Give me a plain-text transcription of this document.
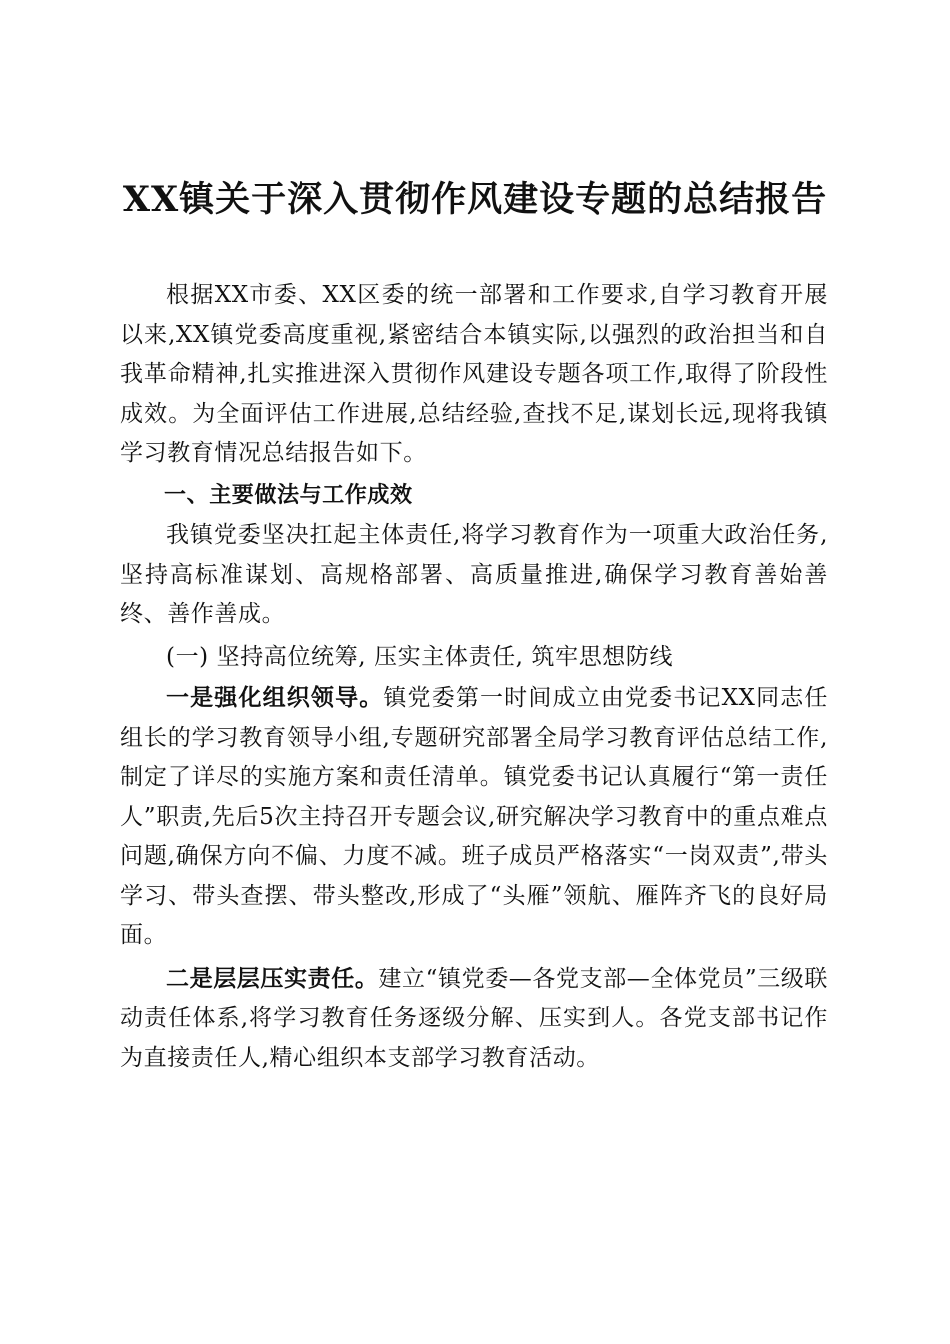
XX镇关于深入贯彻作风建设专题的总结报告

根据XX市委、XX区委的统一部署和工作要求,自学习教育开展以来,XX镇党委高度重视,紧密结合本镇实际,以强烈的政治担当和自我革命精神,扎实推进深入贯彻作风建设专题各项工作,取得了阶段性成效。为全面评估工作进展,总结经验,查找不足,谋划长远,现将我镇学习教育情况总结报告如下。

一、主要做法与工作成效

我镇党委坚决扛起主体责任,将学习教育作为一项重大政治任务,坚持高标准谋划、高规格部署、高质量推进,确保学习教育善始善终、善作善成。

(一) 坚持高位统筹, 压实主体责任, 筑牢思想防线

一是强化组织领导。镇党委第一时间成立由党委书记XX同志任组长的学习教育领导小组,专题研究部署全局学习教育评估总结工作,制定了详尽的实施方案和责任清单。镇党委书记认真履行“第一责任人”职责,先后5次主持召开专题会议,研究解决学习教育中的重点难点问题,确保方向不偏、力度不减。班子成员严格落实“一岗双责”,带头学习、带头查摆、带头整改,形成了“头雁”领航、雁阵齐飞的良好局面。

二是层层压实责任。建立“镇党委—各党支部—全体党员”三级联动责任体系,将学习教育任务逐级分解、压实到人。各党支部书记作为直接责任人,精心组织本支部学习教育活动。
